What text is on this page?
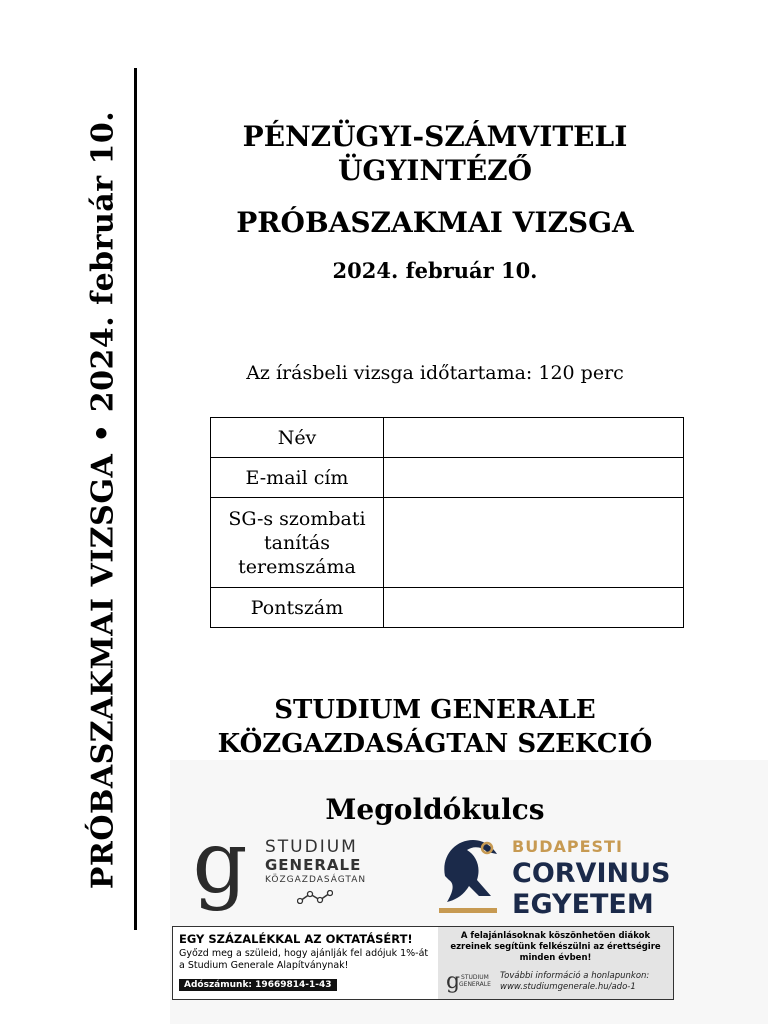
PRÓBASZAKMAI VIZSGA • 2024. február 10.	PÉNZÜGYI-SZÁMVITELI
ÜGYINTÉZŐ
PRÓBASZAKMAI VIZSGA
2024. február 10.
Az írásbeli vizsga időtartama: 120 perc
Név	
E-mail cím	
SG-s szombati tanítás teremszáma	
Pontszám	
STUDIUM GENERALE
KÖZGAZDASÁGTAN SZEKCIÓ
Megoldókulcs
g STUDIUM
GENERALE
KÖZGAZDASÁGTAN
BUDAPESTI
CORVINUS
EGYETEM
EGY SZÁZALÉKKAL AZ OKTATÁSÉRT!
Győzd meg a szüleid, hogy ajánlják fel adójuk 1%-át a Studium Generale Alapítványnak!
Adószámunk: 19669814-1-43
A felajánlásoknak köszönhetően diákok ezreinek segítünk felkészülni az érettségire minden évben!
g STUDIUM
GENERALE
További információ a honlapunkon:
www.studiumgenerale.hu/ado-1
